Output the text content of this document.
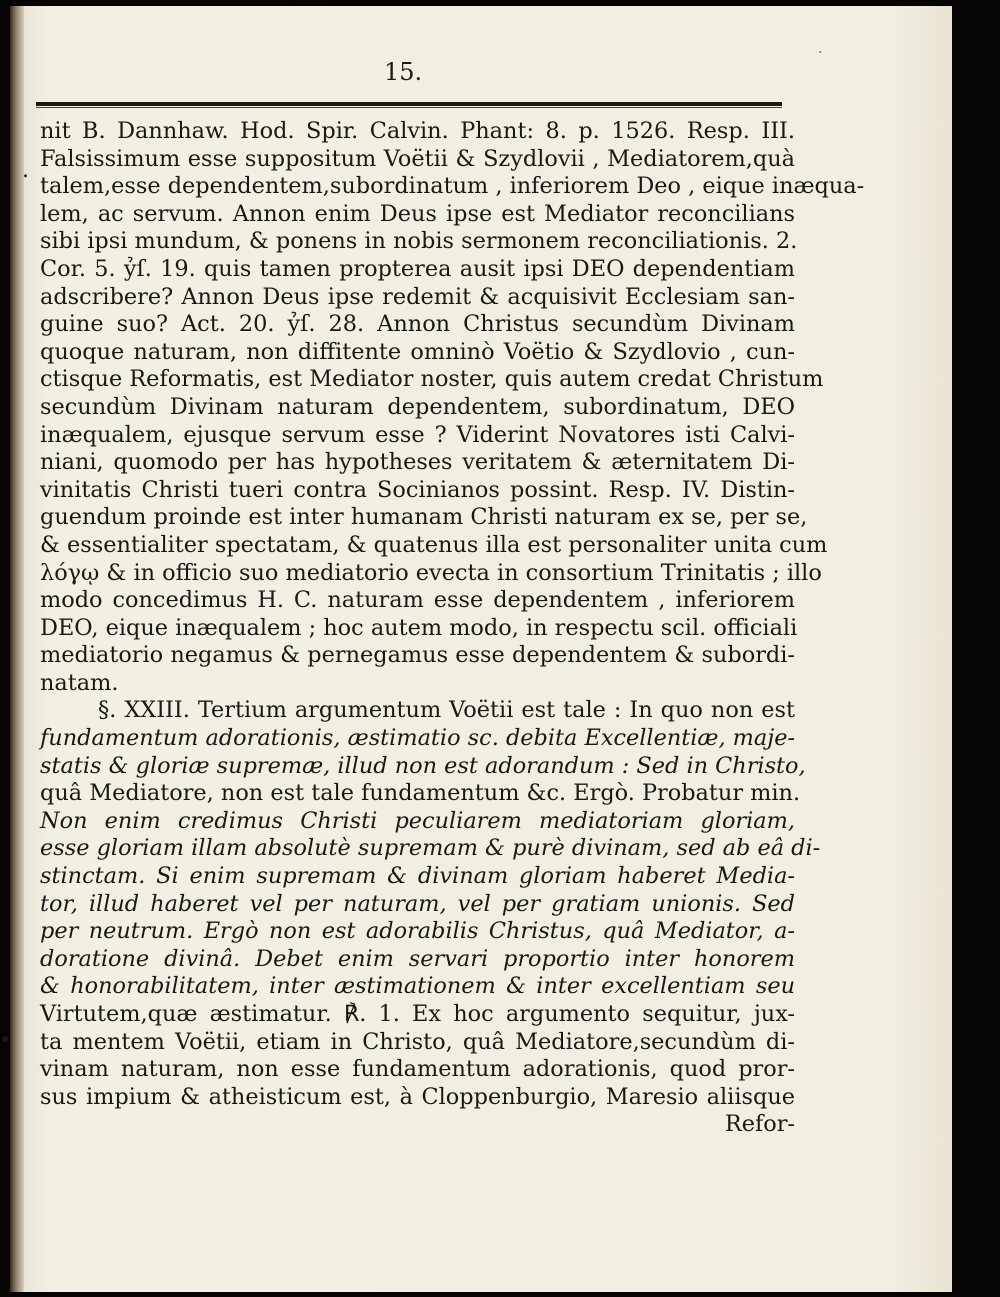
15.
.
·
nit B. Dannhaw. Hod. Spir. Calvin. Phant: 8. p. 1526. Resp. III.
Falsissimum esse suppositum Voëtii & Szydlovii , Mediatorem,quà
talem,esse dependentem,subordinatum , inferiorem Deo , eique inæqua-
lem, ac servum. Annon enim Deus ipse est Mediator reconcilians
sibi ipsi mundum, & ponens in nobis sermonem reconciliationis. 2.
Cor. 5. ỷſ. 19. quis tamen propterea ausit ipsi DEO dependentiam
adscribere? Annon Deus ipse redemit & acquisivit Ecclesiam san-
guine suo? Act. 20. ỷſ. 28. Annon Christus secundùm Divinam
quoque naturam, non diffitente omninò Voëtio & Szydlovio , cun-
ctisque Reformatis, est Mediator noster, quis autem credat Christum
secundùm Divinam naturam dependentem, subordinatum, DEO
inæqualem, ejusque servum esse ? Viderint Novatores isti Calvi-
niani, quomodo per has hypotheses veritatem & æternitatem Di-
vinitatis Christi tueri contra Socinianos possint. Resp. IV. Distin-
guendum proinde est inter humanam Christi naturam ex se, per se,
& essentialiter spectatam, & quatenus illa est personaliter unita cum
λόγῳ & in officio suo mediatorio evecta in consortium Trinitatis ; illo
modo concedimus H. C. naturam esse dependentem , inferiorem
DEO, eique inæqualem ; hoc autem modo, in respectu scil. officiali
mediatorio negamus & pernegamus esse dependentem & subordi-
natam.
§. XXIII. Tertium argumentum Voëtii est tale : In quo non est
fundamentum adorationis, æstimatio sc. debita Excellentiæ, maje-
statis & gloriæ supremæ, illud non est adorandum : Sed in Christo,
quâ Mediatore, non est tale fundamentum &c. Ergò. Probatur min.
Non enim credimus Christi peculiarem mediatoriam gloriam,
esse gloriam illam absolutè supremam & purè divinam, sed ab eâ di-
stinctam. Si enim supremam & divinam gloriam haberet Media-
tor, illud haberet vel per naturam, vel per gratiam unionis. Sed
per neutrum. Ergò non est adorabilis Christus, quâ Mediator, a-
doratione divinâ. Debet enim servari proportio inter honorem
& honorabilitatem, inter æstimationem & inter excellentiam seu
Virtutem,quæ æstimatur. ℟. 1. Ex hoc argumento sequitur, jux-
ta mentem Voëtii, etiam in Christo, quâ Mediatore,secundùm di-
vinam naturam, non esse fundamentum adorationis, quod pror-
sus impium & atheisticum est, à Cloppenburgio, Maresio aliisque
Refor-
